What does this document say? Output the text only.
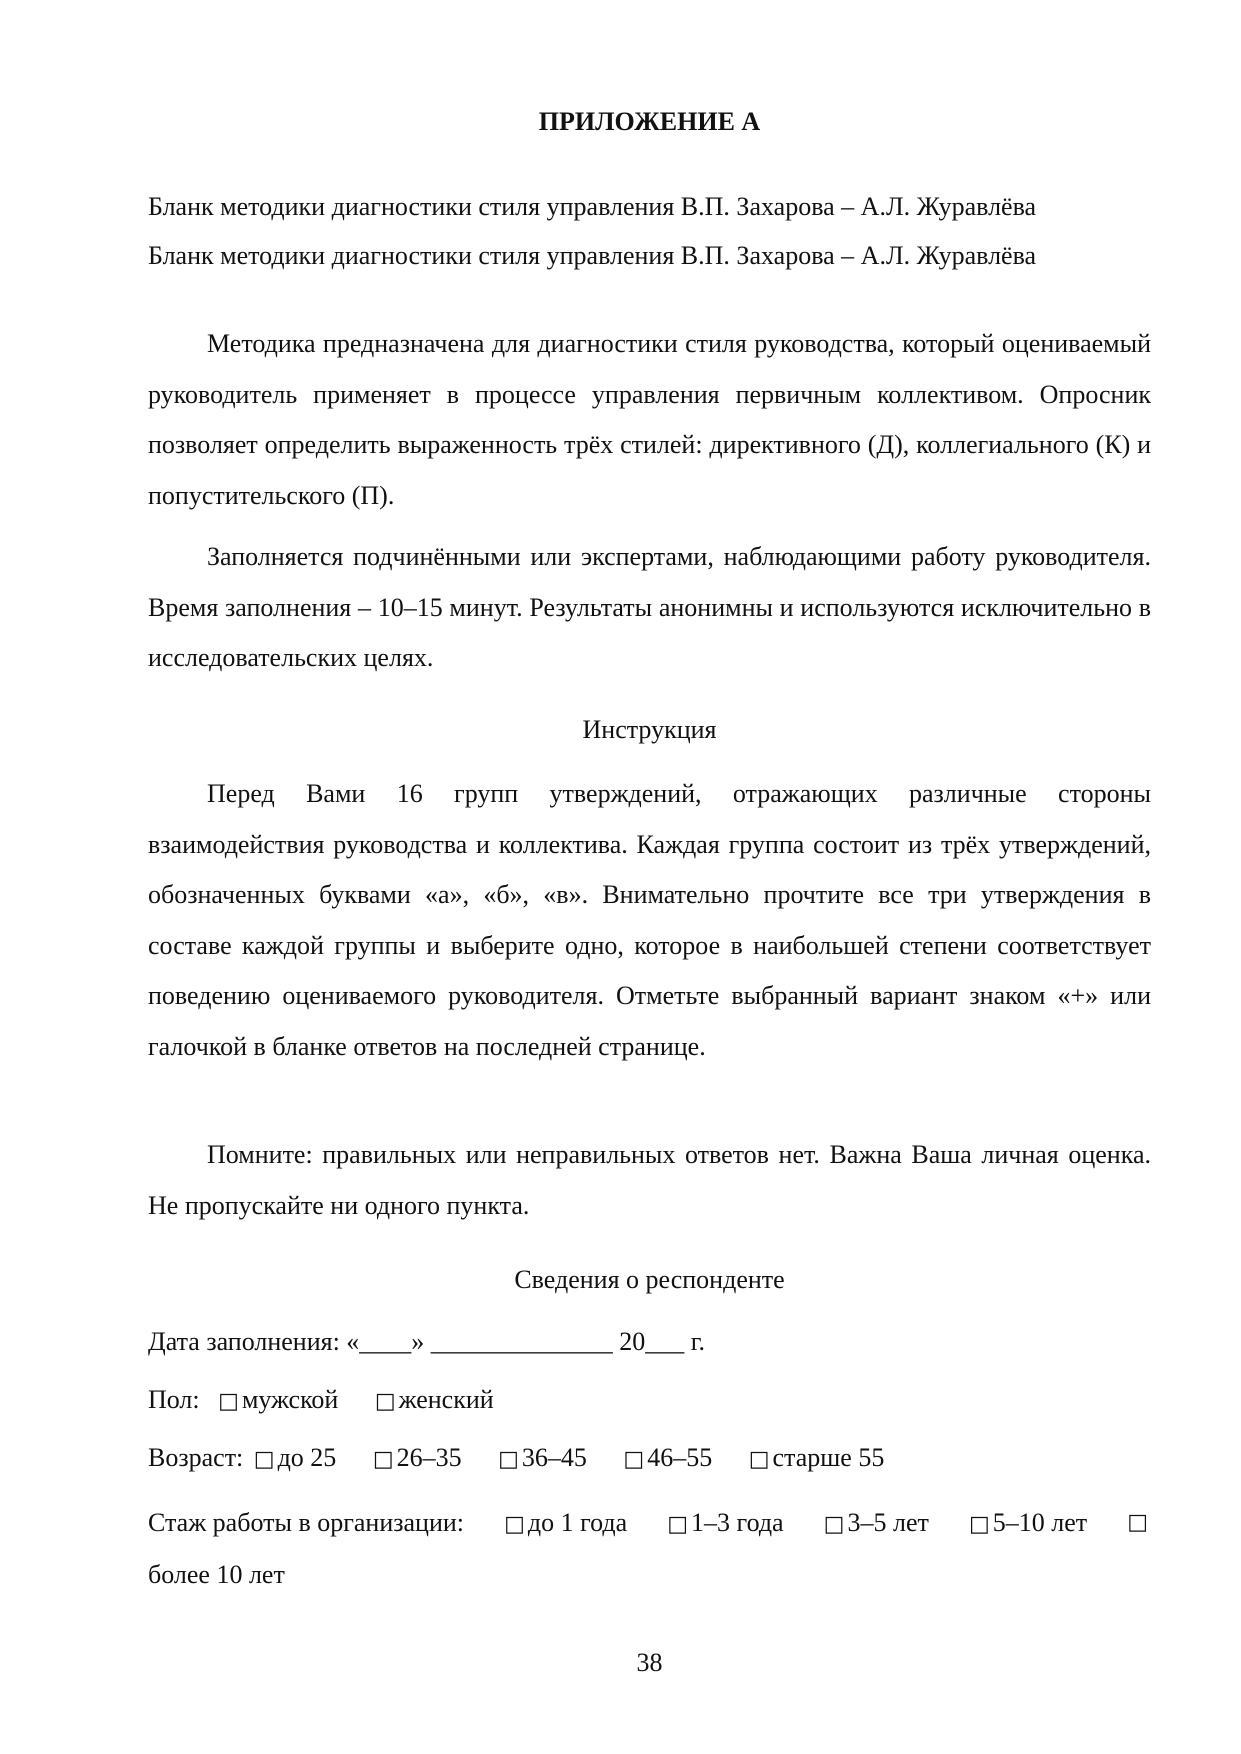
ПРИЛОЖЕНИЕ А
Бланк методики диагностики стиля управления В.П. Захарова – А.Л. Журавлёва
Бланк методики диагностики стиля управления В.П. Захарова – А.Л. Журавлёва
Методика предназначена для диагностики стиля руководства, который оцениваемый руководитель применяет в процессе управления первичным коллективом. Опросник позволяет определить выраженность трёх стилей: директивного (Д), коллегиального (К) и попустительского (П).
Заполняется подчинёнными или экспертами, наблюдающими работу руководителя. Время заполнения – 10–15 минут. Результаты анонимны и используются исключительно в исследовательских целях.
Инструкция
Перед Вами 16 групп утверждений, отражающих различные стороны взаимодействия руководства и коллектива. Каждая группа состоит из трёх утверждений, обозначенных буквами «а», «б», «в». Внимательно прочтите все три утверждения в составе каждой группы и выберите одно, которое в наибольшей степени соответствует поведению оцениваемого руководителя. Отметьте выбранный вариант знаком «+» или галочкой в бланке ответов на последней странице.
Помните: правильных или неправильных ответов нет. Важна Ваша личная оценка. Не пропускайте ни одного пункта.
Сведения о респонденте
Дата заполнения: «____» ______________ 20___ г.
Пол: □ мужской □ женский
Возраст: □ до 25 □ 26–35 □ 36–45 □ 46–55 □ старше 55
Стаж работы в организации: □ до 1 года □ 1–3 года □ 3–5 лет □ 5–10 лет □
более 10 лет
38
